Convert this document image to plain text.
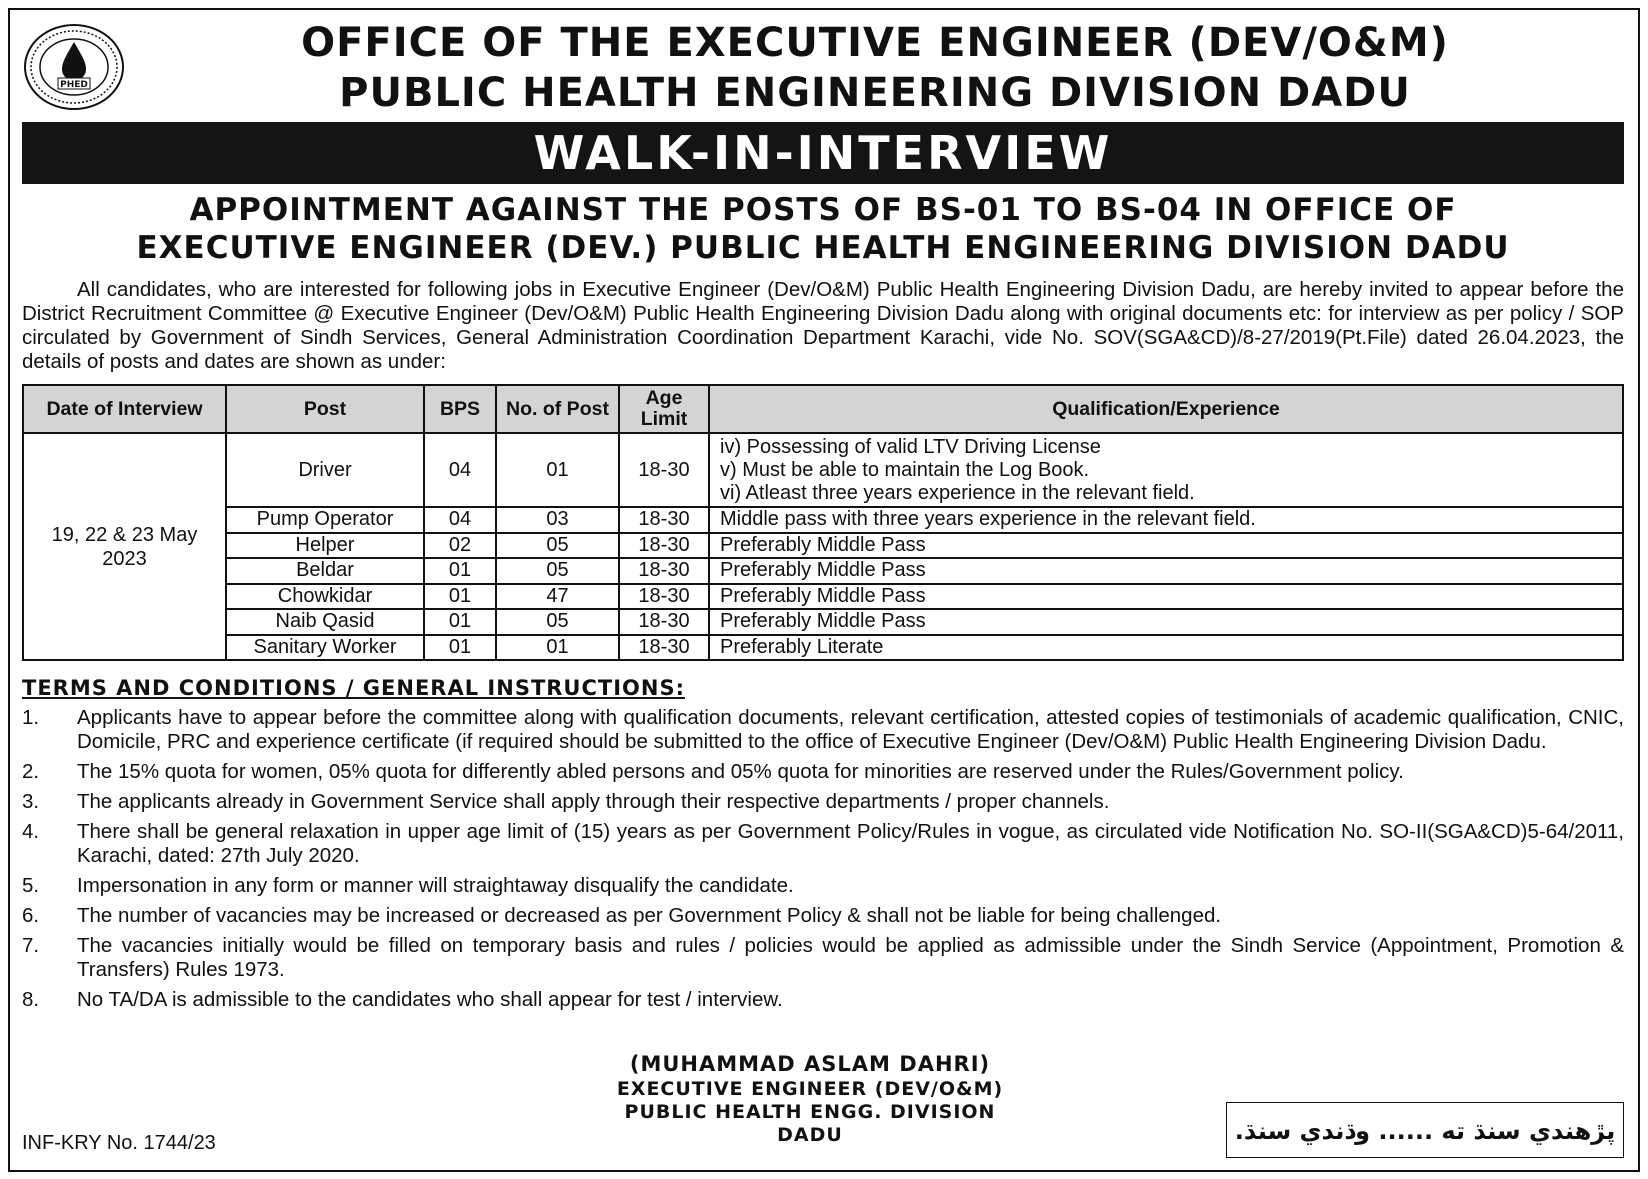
PHED
OFFICE OF THE EXECUTIVE ENGINEER (DEV/O&M)
PUBLIC HEALTH ENGINEERING DIVISION DADU
WALK-IN-INTERVIEW
APPOINTMENT AGAINST THE POSTS OF BS-01 TO BS-04 IN OFFICE OF
EXECUTIVE ENGINEER (DEV.) PUBLIC HEALTH ENGINEERING DIVISION DADU

All candidates, who are interested for following jobs in Executive Engineer (Dev/O&M) Public Health Engineering Division Dadu, are hereby invited to appear before the District Recruitment Committee @ Executive Engineer (Dev/O&M) Public Health Engineering Division Dadu along with original documents etc: for interview as per policy / SOP circulated by Government of Sindh Services, General Administration Coordination Department Karachi, vide No. SOV(SGA&CD)/8-27/2019(Pt.File) dated 26.04.2023, the details of posts and dates are shown as under:

Date of Interview	Post	BPS	No. of Post	Age Limit	Qualification/Experience
19, 22 & 23 May 2023	Driver	04	01	18-30	iv) Possessing of valid LTV Driving License
v) Must be able to maintain the Log Book.
vi) Atleast three years experience in the relevant field.

	Pump Operator	04	03	18-30	Middle pass with three years experience in the relevant field.
	Helper	02	05	18-30	Preferably Middle Pass
	Beldar	01	05	18-30	Preferably Middle Pass
	Chowkidar	01	47	18-30	Preferably Middle Pass
	Naib Qasid	01	05	18-30	Preferably Middle Pass
	Sanitary Worker	01	01	18-30	Preferably Literate
TERMS AND CONDITIONS / GENERAL INSTRUCTIONS:
1.	Applicants have to appear before the committee along with qualification documents, relevant certification, attested copies of testimonials of academic qualification, CNIC, Domicile, PRC and experience certificate (if required should be submitted to the office of Executive Engineer (Dev/O&M) Public Health Engineering Division Dadu.
2.	The 15% quota for women, 05% quota for differently abled persons and 05% quota for minorities are reserved under the Rules/Government policy.
3.	The applicants already in Government Service shall apply through their respective departments / proper channels.
4.	There shall be general relaxation in upper age limit of (15) years as per Government Policy/Rules in vogue, as circulated vide Notification No. SO-II(SGA&CD)5-64/2011, Karachi, dated: 27th July 2020.
5.	Impersonation in any form or manner will straightaway disqualify the candidate.
6.	The number of vacancies may be increased or decreased as per Government Policy & shall not be liable for being challenged.
7.	The vacancies initially would be filled on temporary basis and rules / policies would be applied as admissible under the Sindh Service (Appointment, Promotion & Transfers) Rules 1973.
8.	No TA/DA is admissible to the candidates who shall appear for test / interview.
(MUHAMMAD ASLAM DAHRI)
EXECUTIVE ENGINEER (DEV/O&M)
PUBLIC HEALTH ENGG. DIVISION
DADU
INF-KRY No. 1744/23	پڙهندي سنڌ ته ...... وڌندي سنڌ.
